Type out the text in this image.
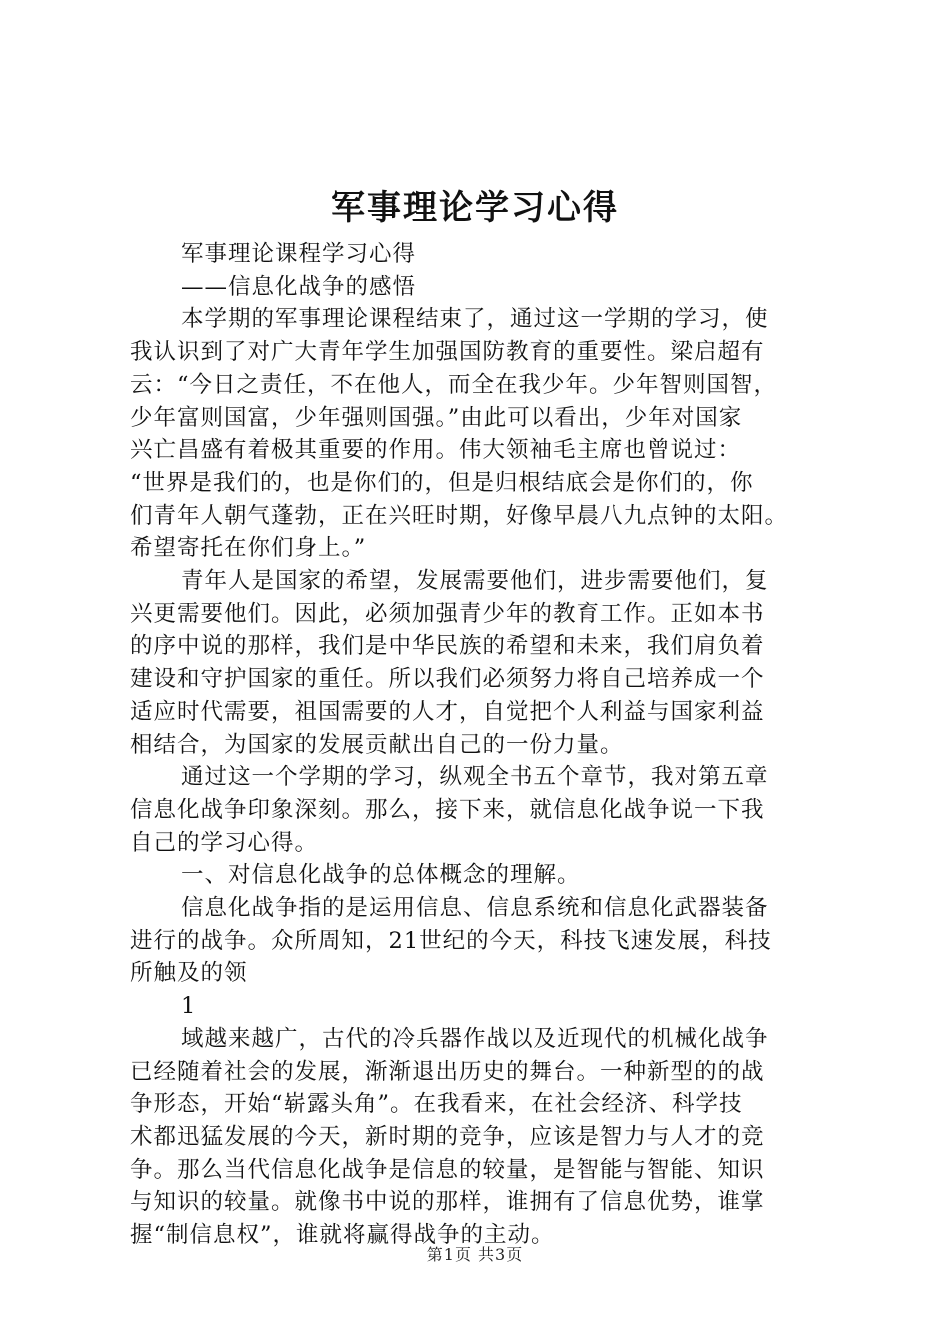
军事理论学习心得

军事理论课程学习心得

——信息化战争的感悟

本学期的军事理论课程结束了，通过这一学期的学习，使
我认识到了对广大青年学生加强国防教育的重要性。梁启超有
云：“今日之责任，不在他人，而全在我少年。少年智则国智，
少年富则国富，少年强则国强。”由此可以看出，少年对国家
兴亡昌盛有着极其重要的作用。伟大领袖毛主席也曾说过：
“世界是我们的，也是你们的，但是归根结底会是你们的，你
们青年人朝气蓬勃，正在兴旺时期，好像早晨八九点钟的太阳。
希望寄托在你们身上。”
青年人是国家的希望，发展需要他们，进步需要他们，复
兴更需要他们。因此，必须加强青少年的教育工作。正如本书
的序中说的那样，我们是中华民族的希望和未来，我们肩负着
建设和守护国家的重任。所以我们必须努力将自己培养成一个
适应时代需要，祖国需要的人才，自觉把个人利益与国家利益
相结合，为国家的发展贡献出自己的一份力量。
通过这一个学期的学习，纵观全书五个章节，我对第五章
信息化战争印象深刻。那么，接下来，就信息化战争说一下我
自己的学习心得。
一、对信息化战争的总体概念的理解。
信息化战争指的是运用信息、信息系统和信息化武器装备
进行的战争。众所周知，21世纪的今天，科技飞速发展，科技
所触及的领

1

域越来越广，古代的冷兵器作战以及近现代的机械化战争
已经随着社会的发展，渐渐退出历史的舞台。一种新型的的战
争形态，开始“崭露头角”。在我看来，在社会经济、科学技
术都迅猛发展的今天，新时期的竞争，应该是智力与人才的竞
争。那么当代信息化战争是信息的较量，是智能与智能、知识
与知识的较量。就像书中说的那样，谁拥有了信息优势，谁掌
握“制信息权”，谁就将赢得战争的主动。
第1页 共3页
